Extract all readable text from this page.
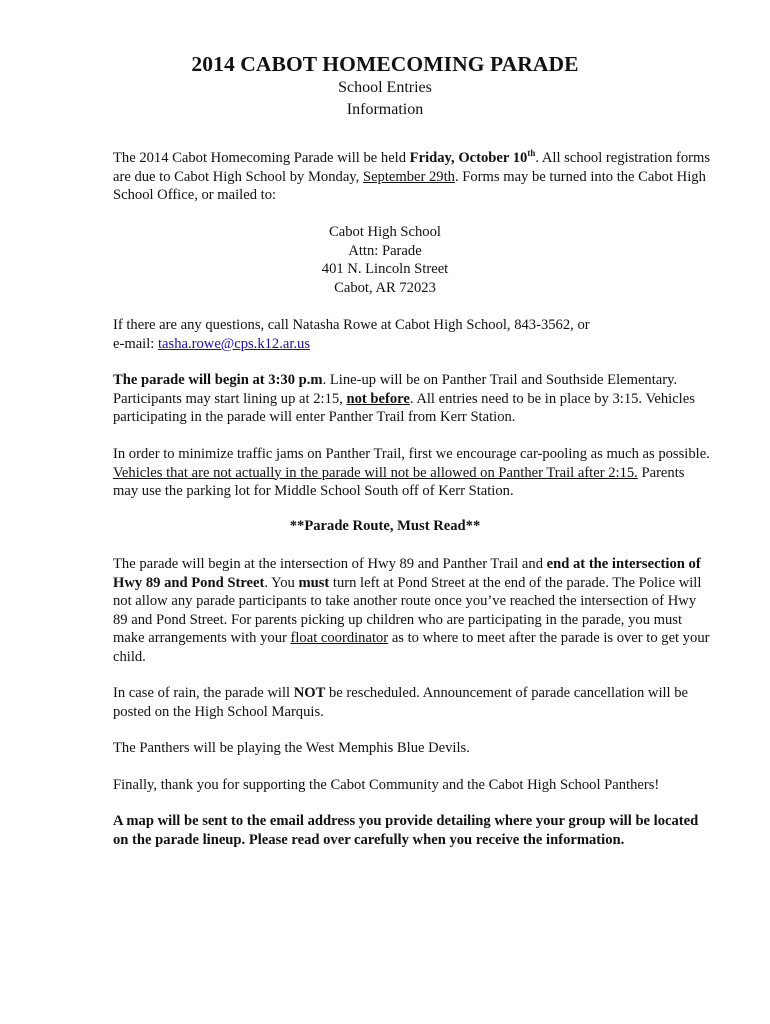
2014 CABOT HOMECOMING PARADE
School Entries
Information
The 2014 Cabot Homecoming Parade will be held Friday, October 10th. All school registration forms are due to Cabot High School by Monday, September 29th. Forms may be turned into the Cabot High School Office, or mailed to:
Cabot High School
Attn: Parade
401 N. Lincoln Street
Cabot, AR 72023
If there are any questions, call Natasha Rowe at Cabot High School, 843-3562, or
e-mail: tasha.rowe@cps.k12.ar.us
The parade will begin at 3:30 p.m. Line-up will be on Panther Trail and Southside Elementary. Participants may start lining up at 2:15, not before. All entries need to be in place by 3:15. Vehicles participating in the parade will enter Panther Trail from Kerr Station.
In order to minimize traffic jams on Panther Trail, first we encourage car-pooling as much as possible. Vehicles that are not actually in the parade will not be allowed on Panther Trail after 2:15. Parents may use the parking lot for Middle School South off of Kerr Station.
**Parade Route, Must Read**
The parade will begin at the intersection of Hwy 89 and Panther Trail and end at the intersection of Hwy 89 and Pond Street. You must turn left at Pond Street at the end of the parade. The Police will not allow any parade participants to take another route once you’ve reached the intersection of Hwy 89 and Pond Street. For parents picking up children who are participating in the parade, you must make arrangements with your float coordinator as to where to meet after the parade is over to get your child.
In case of rain, the parade will NOT be rescheduled. Announcement of parade cancellation will be posted on the High School Marquis.
The Panthers will be playing the West Memphis Blue Devils.
Finally, thank you for supporting the Cabot Community and the Cabot High School Panthers!
A map will be sent to the email address you provide detailing where your group will be located on the parade lineup. Please read over carefully when you receive the information.
